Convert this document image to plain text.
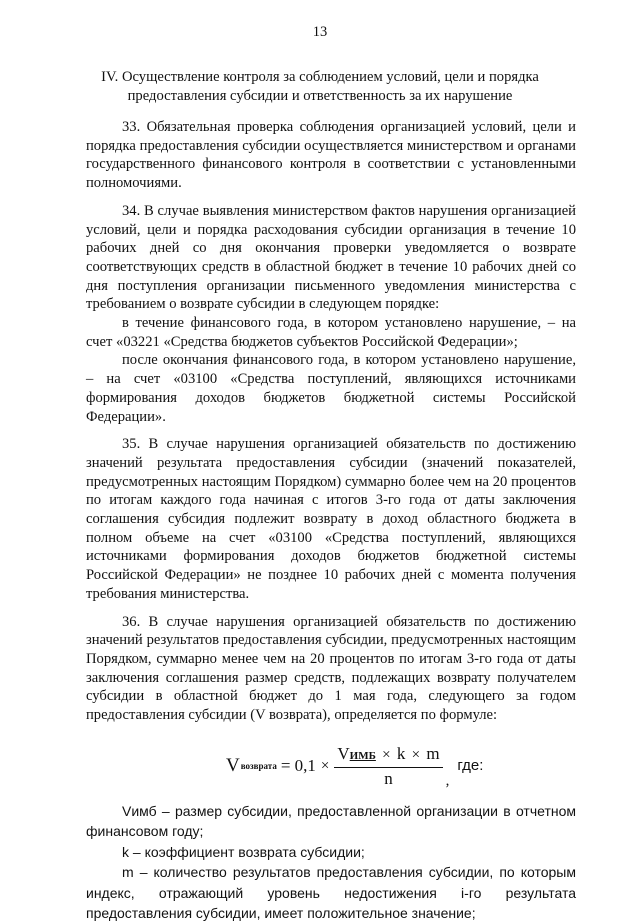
13
IV. Осуществление контроля за соблюдением условий, цели и порядка
предоставления субсидии и ответственность за их нарушение

33. Обязательная проверка соблюдения организацией условий, цели и порядка предоставления субсидии осуществляется министерством и органами государственного финансового контроля в соответствии с установленными полномочиями.

34. В случае выявления министерством фактов нарушения организацией условий, цели и порядка расходования субсидии организация в течение 10 рабочих дней со дня окончания проверки уведомляется о возврате соответствующих средств в областной бюджет в течение 10 рабочих дней со дня поступления организации письменного уведомления министерства с требованием о возврате субсидии в следующем порядке:

в течение финансового года, в котором установлено нарушение, – на счет «03221 «Средства бюджетов субъектов Российской Федерации»;

после окончания финансового года, в котором установлено нарушение, – на счет «03100 «Средства поступлений, являющихся источниками формирования доходов бюджетов бюджетной системы Российской Федерации».

35. В случае нарушения организацией обязательств по достижению значений результата предоставления субсидии (значений показателей, предусмотренных настоящим Порядком) суммарно более чем на 20 процентов по итогам каждого года начиная с итогов 3-го года от даты заключения соглашения субсидия подлежит возврату в доход областного бюджета в полном объеме на счет «03100 «Средства поступлений, являющихся источниками формирования доходов бюджетов бюджетной системы Российской Федерации» не позднее 10 рабочих дней с момента получения требования министерства.

36. В случае нарушения организацией обязательств по достижению значений результатов предоставления субсидии, предусмотренных настоящим Порядком, суммарно менее чем на 20 процентов по итогам 3-го года от даты заключения соглашения размер средств, подлежащих возврату получателем субсидии в областной бюджет до 1 мая года, следующего за годом предоставления субсидии (V возврата), определяется по формуле:

V возврата = $0,1 \times \frac{\text{VИМБ × k × m}}{n}$ ,
где:

Vимб – размер субсидии, предоставленной организации в отчетном финансовом году;

k – коэффициент возврата субсидии;

m – количество результатов предоставления субсидии, по которым индекс, отражающий уровень недостижения i-го результата предоставления субсидии, имеет положительное значение;
